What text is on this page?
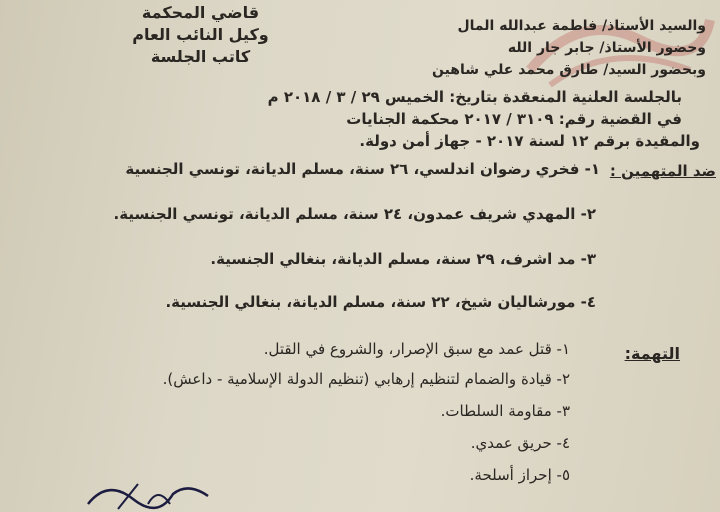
قاضي المحكمة
وكيل النائب العام
كاتب الجلسة
والسيد الأستاذ/ فاطمة عبدالله المال
وحضور الأستاذ/ جابر جار الله
وبحضور السيد/ طارق محمد علي شاهين
بالجلسة العلنية المنعقدة بتاريخ: الخميس ٢٩ / ٣ / ٢٠١٨ م
في القضية رقم: ٣١٠٩ / ٢٠١٧ محكمة الجنايات
والمقيدة برقم ١٢ لسنة ٢٠١٧ - جهاز أمن دولة.
ضد المتهمين :
١- فخري رضوان اندلسي، ٢٦ سنة، مسلم الديانة، تونسي الجنسية
٢- المهدي شريف عمدون، ٢٤ سنة، مسلم الديانة، تونسي الجنسية.
٣- مد اشرف، ٢٩ سنة، مسلم الديانة، بنغالي الجنسية.
٤- مورشاليان شيخ، ٢٢ سنة، مسلم الديانة، بنغالي الجنسية.
التهمة:
١- قتل عمد مع سبق الإصرار، والشروع في القتل.
٢- قيادة والضمام لتنظيم إرهابي (تنظيم الدولة الإسلامية - داعش).
٣- مقاومة السلطات.
٤- حريق عمدي.
٥- إحراز أسلحة.
